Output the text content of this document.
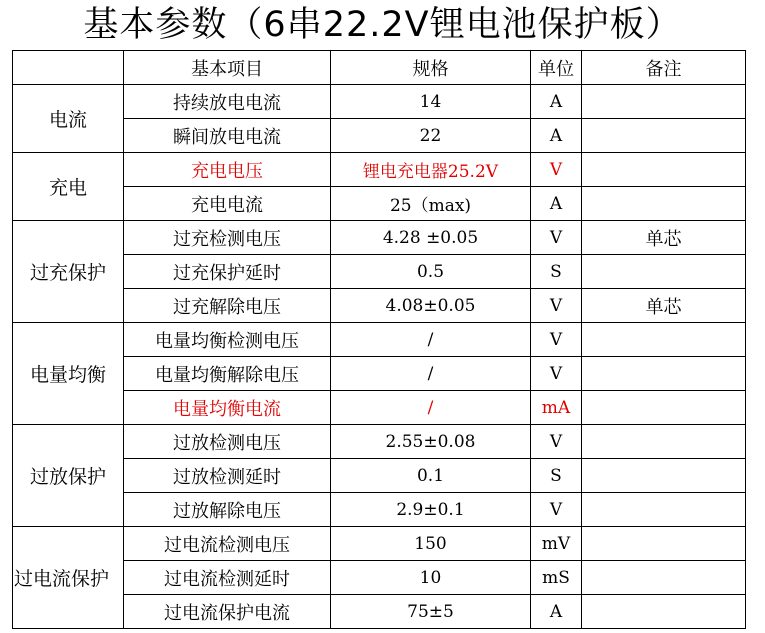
基本参数（6串22.2V锂电池保护板）
	基本项目	规格	单位	备注
电流	持续放电电流	14	A	
	瞬间放电电流	22	A	
充电	充电电压	锂电充电器25.2V	V	
	充电电流	25（max)	A	
过充保护	过充检测电压	4.28 ±0.05	V	单芯
	过充保护延时	0.5	S	
	过充解除电压	4.08±0.05	V	单芯
电量均衡	电量均衡检测电压	/	V	
	电量均衡解除电压	/	V	
	电量均衡电流	/	mA	
过放保护	过放检测电压	2.55±0.08	V	
	过放检测延时	0.1	S	
	过放解除电压	2.9±0.1	V	
过电流保护	过电流检测电压	150	mV	
	过电流检测延时	10	mS	
	过电流保护电流	75±5	A	
